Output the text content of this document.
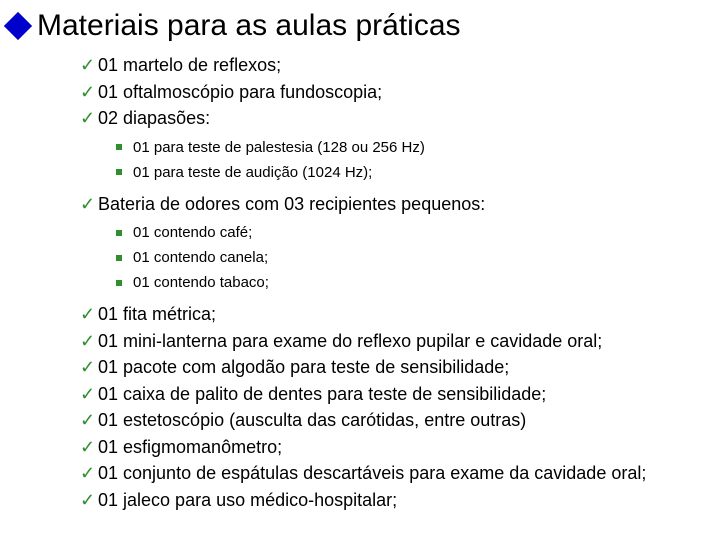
Materiais para as aulas práticas
✓ 01 martelo de reflexos;
✓ 01 oftalmoscópio para fundoscopia;
✓ 02 diapasões:
01 para teste de palestesia (128 ou 256 Hz)
01 para teste de audição (1024 Hz);
✓ Bateria de odores com 03 recipientes pequenos:
01 contendo café;
01 contendo canela;
01 contendo tabaco;
✓ 01 fita métrica;
✓ 01 mini-lanterna para exame do reflexo pupilar e cavidade oral;
✓ 01 pacote com algodão para teste de sensibilidade;
✓ 01 caixa de palito de dentes para teste de sensibilidade;
✓ 01 estetoscópio (ausculta das carótidas, entre outras)
✓ 01 esfigmomanômetro;
✓ 01 conjunto de espátulas descartáveis para exame da cavidade oral;
✓ 01 jaleco para uso médico-hospitalar;
